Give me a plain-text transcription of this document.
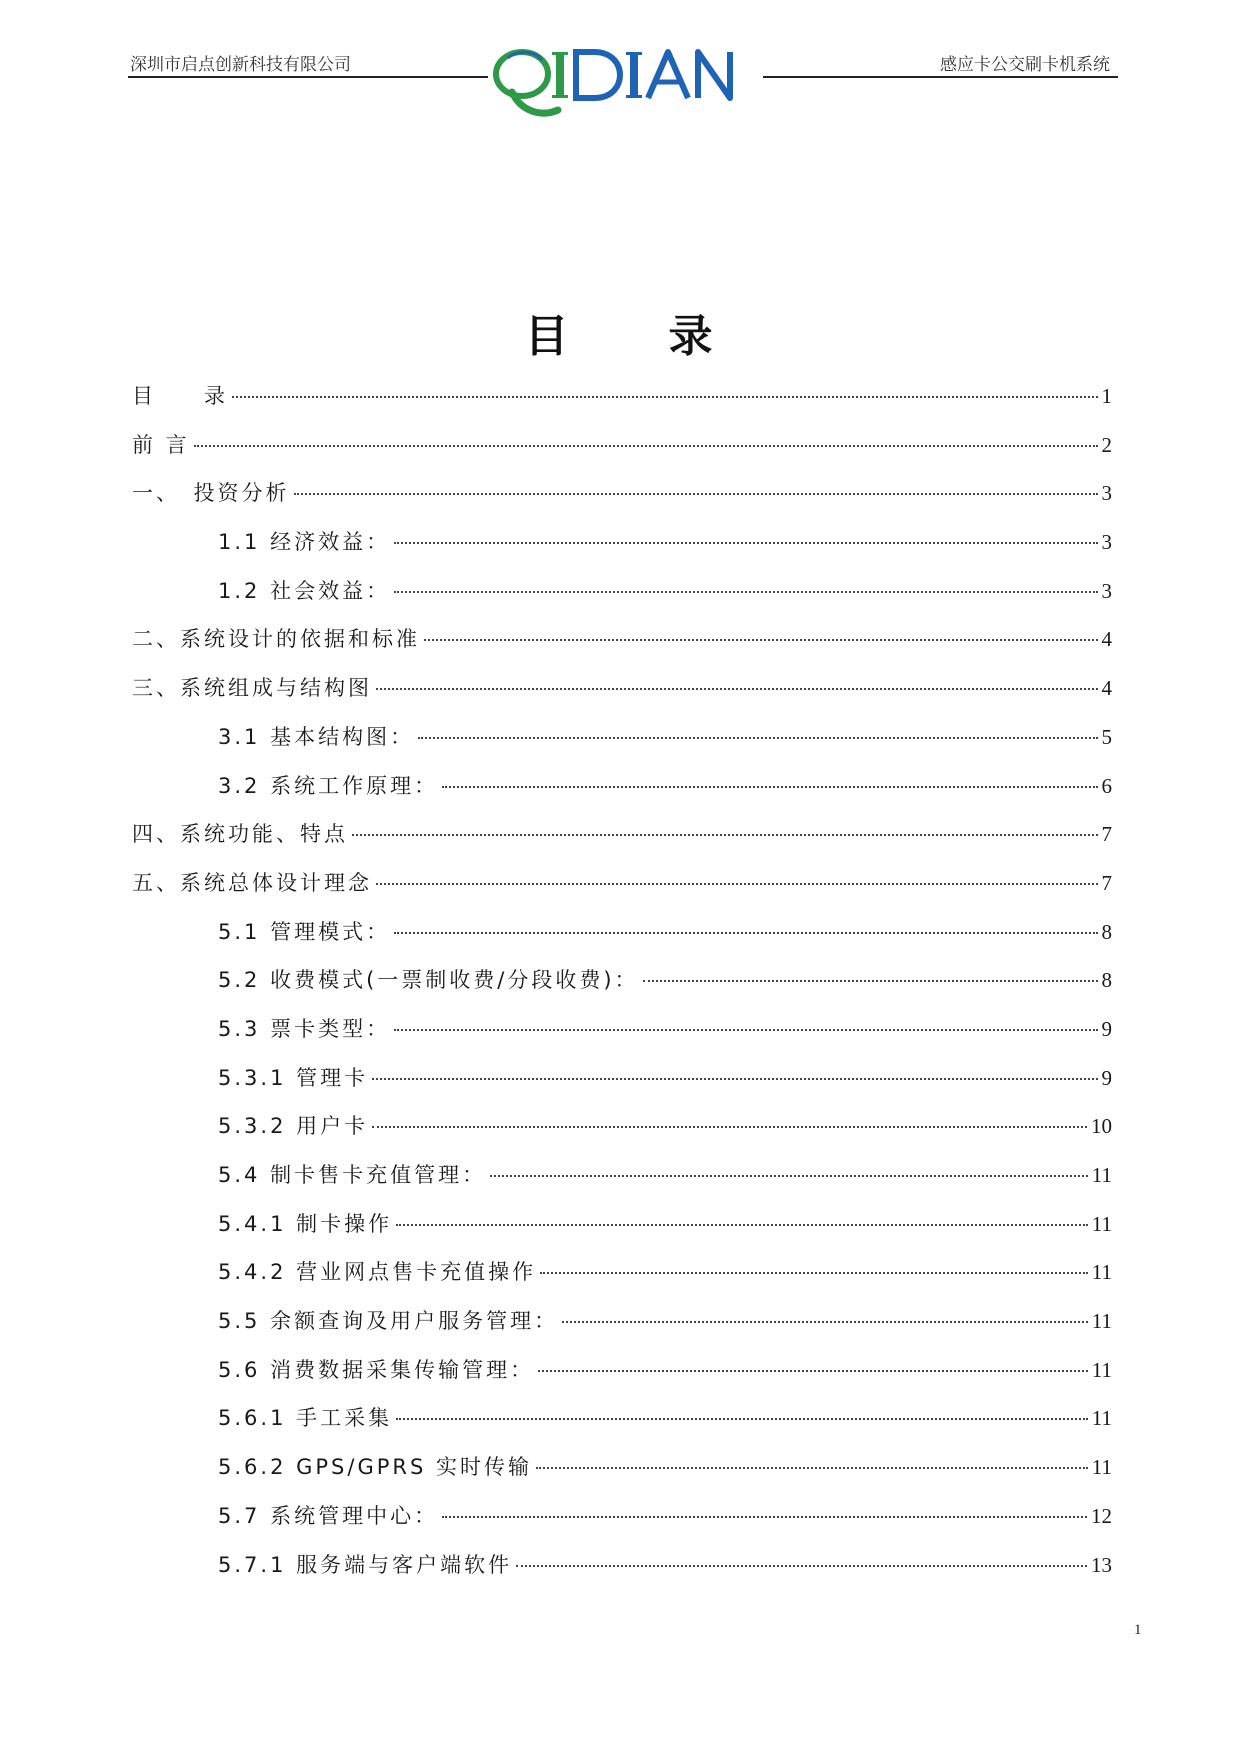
深圳市启点创新科技有限公司	感应卡公交刷卡机系统
目　　录
目　　录	1
前 言	2
一、　投资分析	3
1.1 经济效益：	3
1.2 社会效益：	3
二、系统设计的依据和标准	4
三、系统组成与结构图	4
3.1 基本结构图：	5
3.2 系统工作原理：	6
四、系统功能、特点	7
五、系统总体设计理念	7
5.1 管理模式：	8
5.2 收费模式(一票制收费/分段收费)：	8
5.3 票卡类型：	9
5.3.1 管理卡	9
5.3.2 用户卡	10
5.4 制卡售卡充值管理：	11
5.4.1 制卡操作	11
5.4.2 营业网点售卡充值操作	11
5.5 余额查询及用户服务管理：	11
5.6 消费数据采集传输管理：	11
5.6.1 手工采集	11
5.6.2 GPS/GPRS 实时传输	11
5.7 系统管理中心：	12
5.7.1 服务端与客户端软件	13
1
